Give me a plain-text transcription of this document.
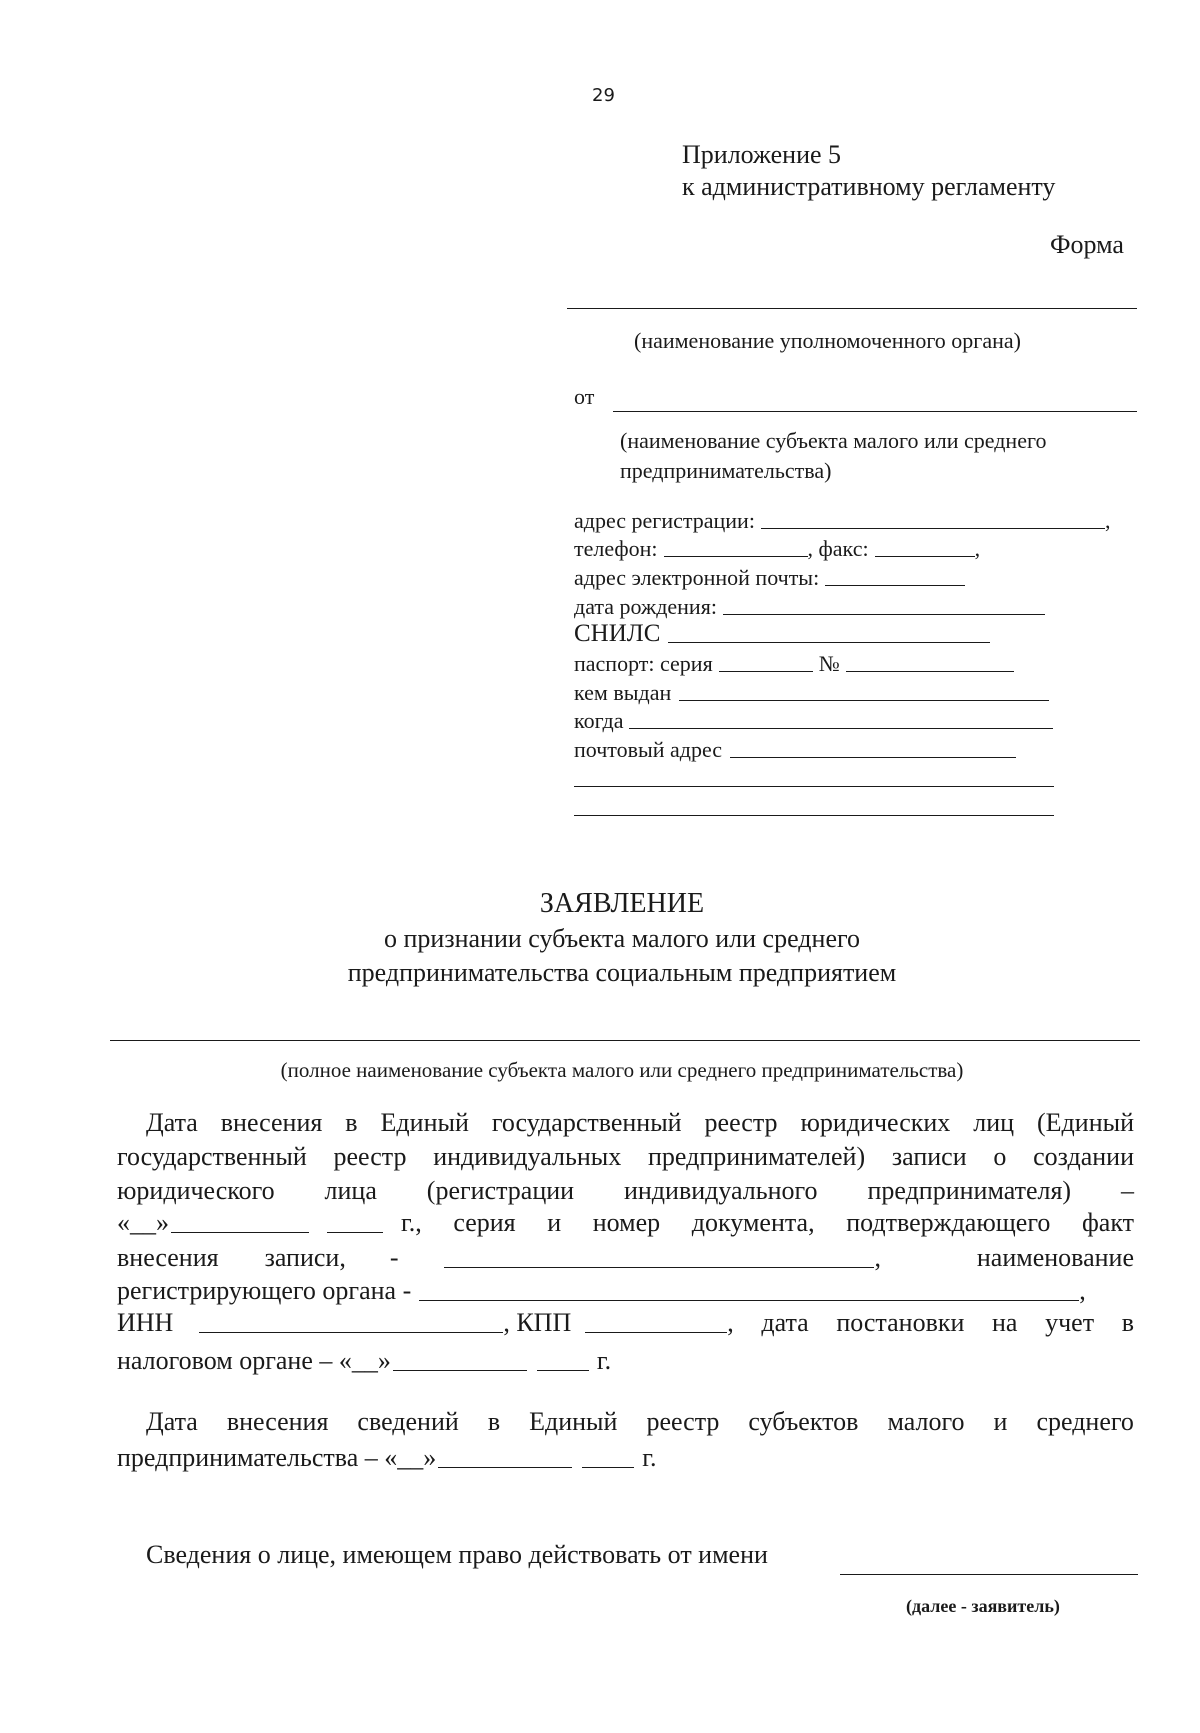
29
Приложение 5
к административному регламенту
Форма
(наименование уполномоченного органа)
от
(наименование субъекта малого или среднего
предпринимательства)
адрес регистрации:	,
телефон:	, факс:	,
адрес электронной почты:
дата рождения:
СНИЛС
паспорт: серия	№
кем выдан
когда
почтовый адрес
ЗАЯВЛЕНИЕ
о признании субъекта малого или среднего
предпринимательства социальным предприятием
(полное наименование субъекта малого или среднего предпринимательства)
Дата внесения в Единый государственный реестр юридических лиц (Единый
государственный реестр индивидуальных предпринимателей) записи о создании
юридического лица (регистрации индивидуального предпринимателя) –
«__»	г., серия и номер документа, подтверждающего факт
внесения записи, -	,	наименование
регистрирующего органа -	,
ИНН	, КПП	, дата постановки на учет в
налоговом органе – «__»	г.
Дата внесения сведений в Единый реестр субъектов малого и среднего
предпринимательства – «__»	г.
Сведения о лице, имеющем право действовать от имени
(далее - заявитель)
